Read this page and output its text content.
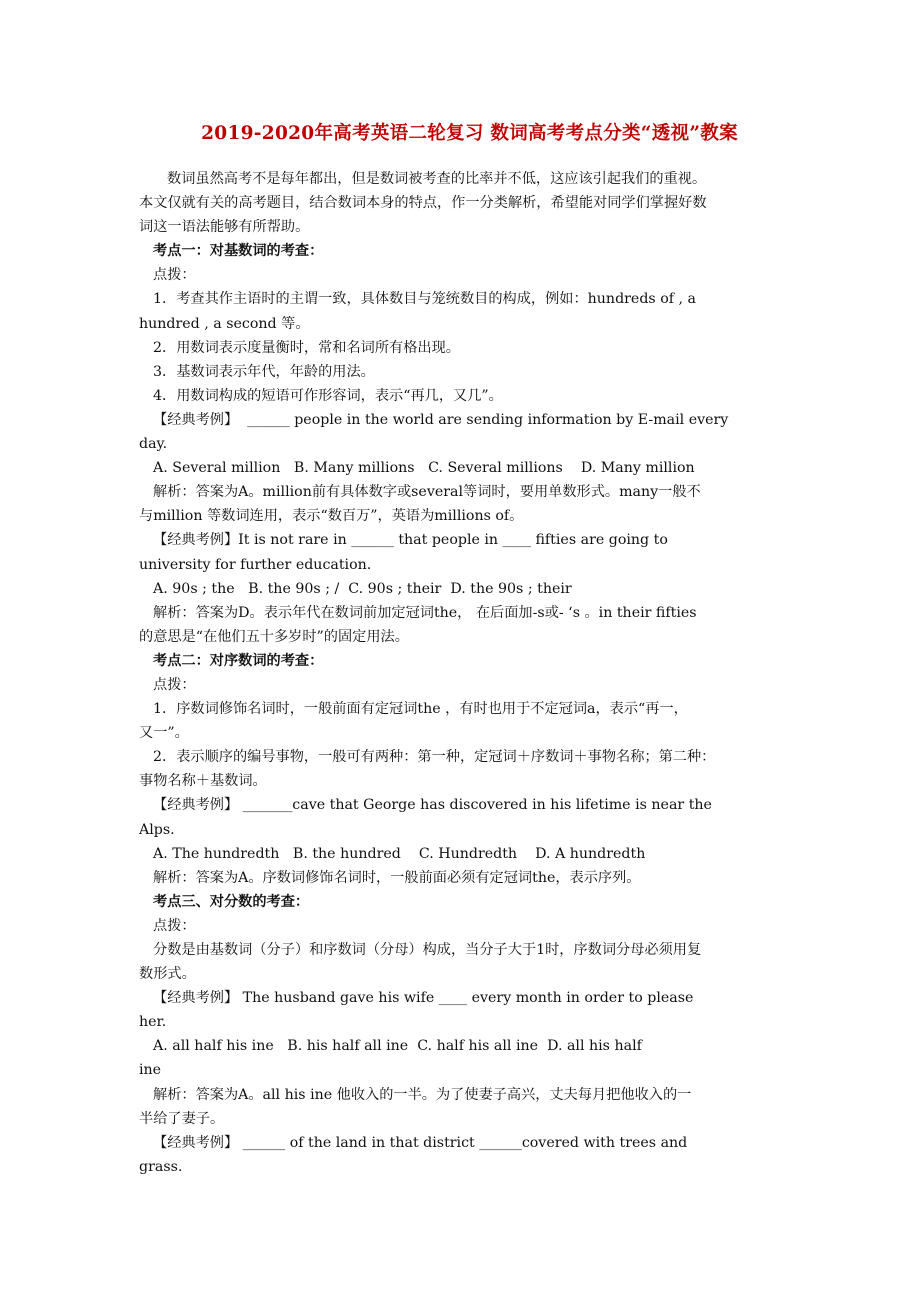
2019-2020年高考英语二轮复习 数词高考考点分类“透视”教案
数词虽然高考不是每年都出，但是数词被考查的比率并不低，这应该引起我们的重视。
本文仅就有关的高考题目，结合数词本身的特点，作一分类解析，希望能对同学们掌握好数
词这一语法能够有所帮助。
考点一：对基数词的考查：
点拨：
1．考查其作主语时的主谓一致，具体数目与笼统数目的构成，例如：hundreds of , a
hundred , a second 等。
2．用数词表示度量衡时，常和名词所有格出现。
3．基数词表示年代，年龄的用法。
4．用数词构成的短语可作形容词，表示“再几，又几”。
【经典考例】  ______ people in the world are sending information by E-mail every
day.
A. Several million   B. Many millions   C. Several millions    D. Many million
解析：答案为A。million前有具体数字或several等词时，要用单数形式。many一般不
与million 等数词连用，表示“数百万”，英语为millions of。
【经典考例】It is not rare in ______ that people in ____ fifties are going to
university for further education.
A. 90s ; the   B. the 90s ; /  C. 90s ; their  D. the 90s ; their
解析：答案为D。表示年代在数词前加定冠词the， 在后面加-s或- ‘s 。in their fifties
的意思是“在他们五十多岁时”的固定用法。
考点二：对序数词的考查：
点拨：
1．序数词修饰名词时，一般前面有定冠词the ，有时也用于不定冠词a，表示“再一，
又一”。
2．表示顺序的编号事物，一般可有两种：第一种，定冠词＋序数词＋事物名称；第二种：
事物名称＋基数词。
【经典考例】 _______cave that George has discovered in his lifetime is near the
Alps.
A. The hundredth   B. the hundred    C. Hundredth    D. A hundredth
解析：答案为A。序数词修饰名词时，一般前面必须有定冠词the，表示序列。
考点三、对分数的考查：
点拨：
分数是由基数词（分子）和序数词（分母）构成，当分子大于1时，序数词分母必须用复
数形式。
【经典考例】 The husband gave his wife ____ every month in order to please
her.
A. all half his ine   B. his half all ine  C. half his all ine  D. all his half
ine
解析：答案为A。all his ine 他收入的一半。为了使妻子高兴，丈夫每月把他收入的一
半给了妻子。
【经典考例】 ______ of the land in that district ______covered with trees and
grass.
